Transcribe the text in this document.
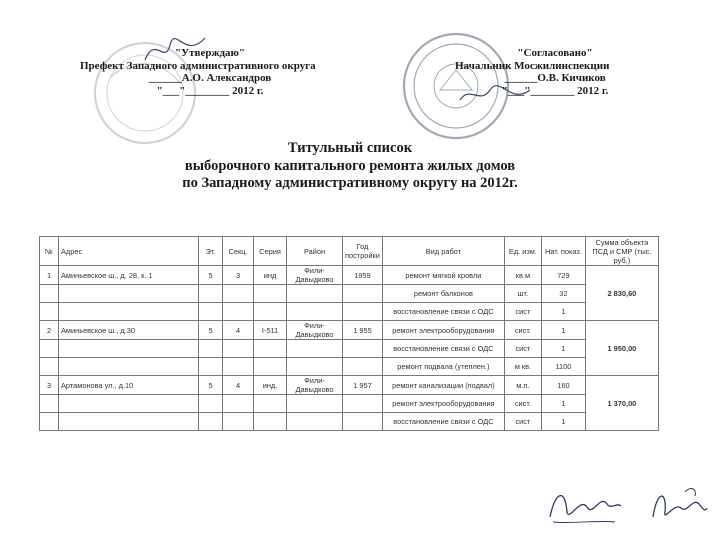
"Утверждаю"
Префект Западного административного округа
______А.О. Александров
"___"________ 2012 г.
"Согласовано"
Начальник Мосжилинспекции
______О.В. Кичиков
"___"________ 2012 г.
Титульный список
выборочного капитального ремонта жилых домов
по Западному административному округу на 2012г.
№	Адрес	Эт.	Секц.	Серия	Район	Год постройки	Вид работ	Ед. изм.	Нат. показ.	Сумма объекта ПСД и СМР (тыс. руб.)
1	Аминьевское ш., д. 28, к. 1	5	3	инд	Фили-Давыдково	1959	ремонт мягкой кровли	кв.м	729	2 830,60
							ремонт балконов	шт.	32	
							восстановление связи с ОДС	сист	1	
2	Аминьевское ш., д.30	5	4	I-511	Фили-Давыдково	1 955	ремонт электрооборудования	сист.	1	1 950,00
							восстановление связи с ОДС	сист	1	
							ремонт подвала (утеплен.)	м кв.	1100	
3	Артамонова ул., д.10	5	4	инд.	Фили-Давыдково	1 957	ремонт канализации (подвал)	м.п.	160	1 370,00
							ремонт электрооборудования	сист.	1	
							восстановление связи с ОДС	сист	1	
